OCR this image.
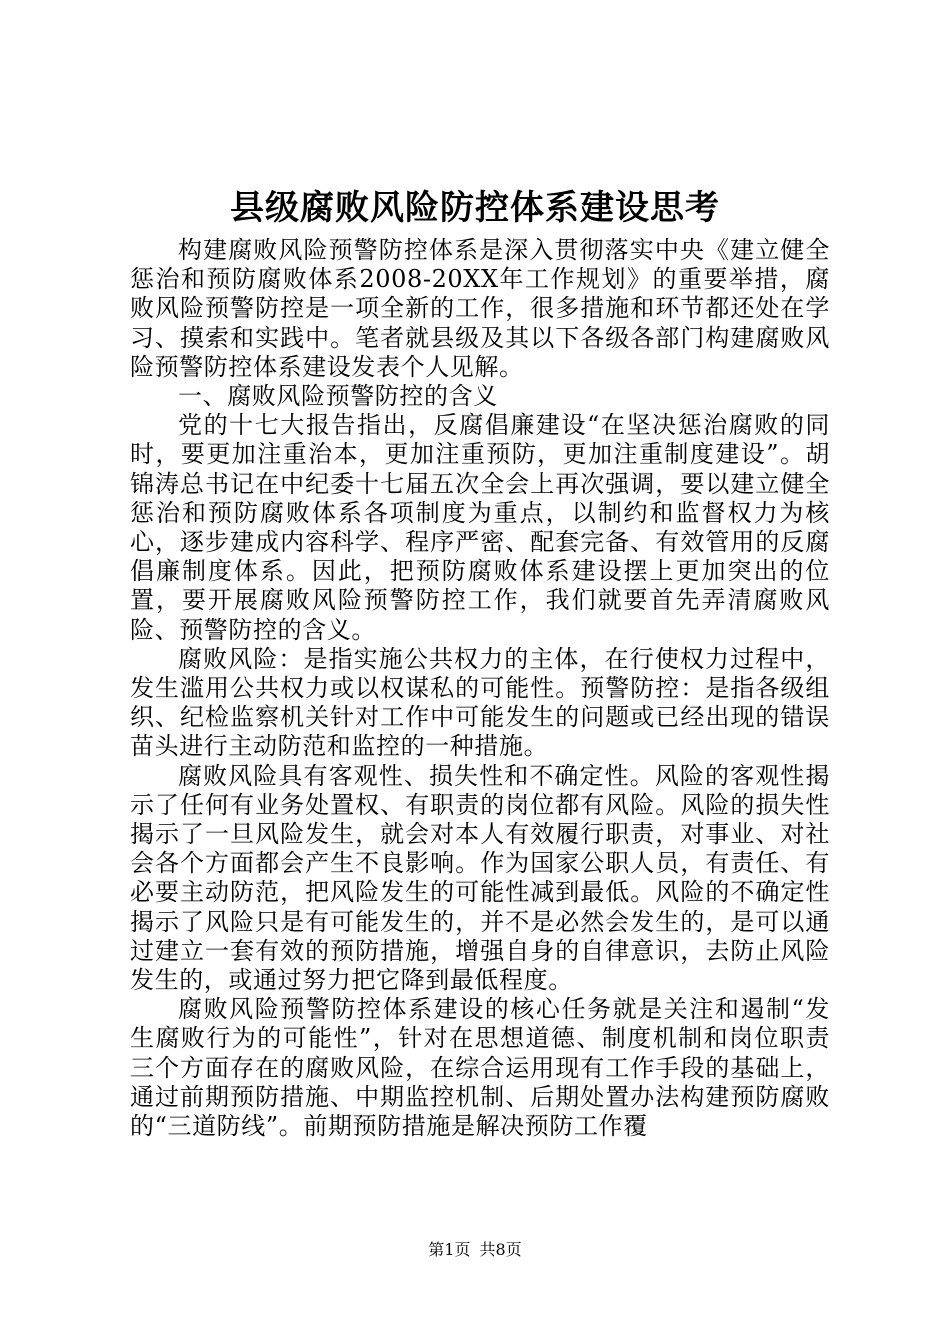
县级腐败风险防控体系建设思考

构建腐败风险预警防控体系是深入贯彻落实中央《建立健全惩治和预防腐败体系2008-20XX年工作规划》的重要举措，腐败风险预警防控是一项全新的工作，很多措施和环节都还处在学习、摸索和实践中。笔者就县级及其以下各级各部门构建腐败风险预警防控体系建设发表个人见解。

一、腐败风险预警防控的含义

党的十七大报告指出，反腐倡廉建设“在坚决惩治腐败的同时，要更加注重治本，更加注重预防，更加注重制度建设”。胡锦涛总书记在中纪委十七届五次全会上再次强调，要以建立健全惩治和预防腐败体系各项制度为重点，以制约和监督权力为核心，逐步建成内容科学、程序严密、配套完备、有效管用的反腐倡廉制度体系。因此，把预防腐败体系建设摆上更加突出的位置，要开展腐败风险预警防控工作，我们就要首先弄清腐败风险、预警防控的含义。

腐败风险：是指实施公共权力的主体，在行使权力过程中，发生滥用公共权力或以权谋私的可能性。预警防控：是指各级组织、纪检监察机关针对工作中可能发生的问题或已经出现的错误苗头进行主动防范和监控的一种措施。

腐败风险具有客观性、损失性和不确定性。风险的客观性揭示了任何有业务处置权、有职责的岗位都有风险。风险的损失性揭示了一旦风险发生，就会对本人有效履行职责，对事业、对社会各个方面都会产生不良影响。作为国家公职人员，有责任、有必要主动防范，把风险发生的可能性减到最低。风险的不确定性揭示了风险只是有可能发生的，并不是必然会发生的，是可以通过建立一套有效的预防措施，增强自身的自律意识，去防止风险发生的，或通过努力把它降到最低程度。

腐败风险预警防控体系建设的核心任务就是关注和遏制“发生腐败行为的可能性”，针对在思想道德、制度机制和岗位职责三个方面存在的腐败风险，在综合运用现有工作手段的基础上，通过前期预防措施、中期监控机制、后期处置办法构建预防腐败的“三道防线”。前期预防措施是解决预防工作覆

第1页 共8页
